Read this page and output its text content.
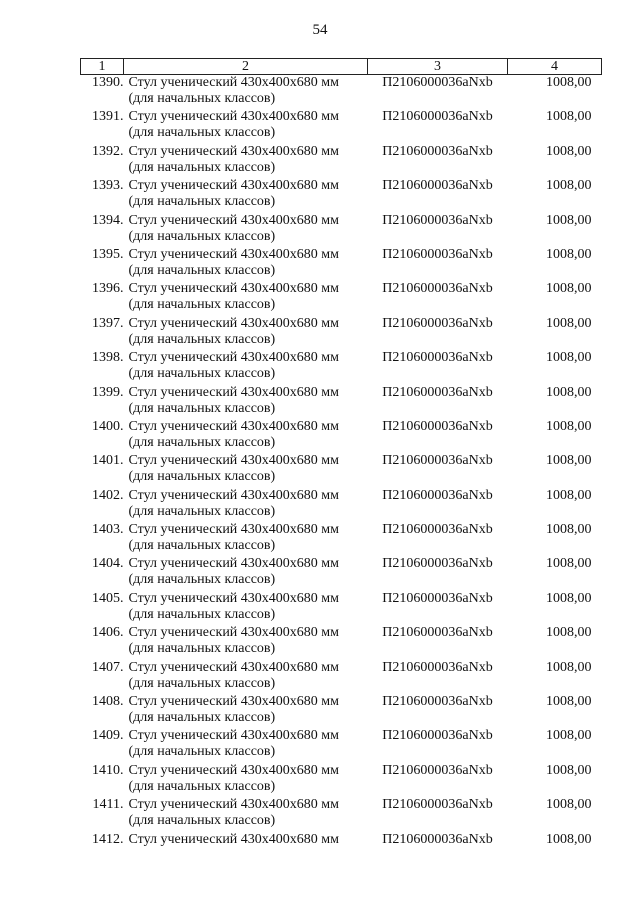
54
1	2	3	4
1390.	Стул ученический 430х400х680 мм
(для начальных классов)	П2106000036aNxb	1008,00
1391.	Стул ученический 430х400х680 мм
(для начальных классов)	П2106000036aNxb	1008,00
1392.	Стул ученический 430х400х680 мм
(для начальных классов)	П2106000036aNxb	1008,00
1393.	Стул ученический 430х400х680 мм
(для начальных классов)	П2106000036aNxb	1008,00
1394.	Стул ученический 430х400х680 мм
(для начальных классов)	П2106000036aNxb	1008,00
1395.	Стул ученический 430х400х680 мм
(для начальных классов)	П2106000036aNxb	1008,00
1396.	Стул ученический 430х400х680 мм
(для начальных классов)	П2106000036aNxb	1008,00
1397.	Стул ученический 430х400х680 мм
(для начальных классов)	П2106000036aNxb	1008,00
1398.	Стул ученический 430х400х680 мм
(для начальных классов)	П2106000036aNxb	1008,00
1399.	Стул ученический 430х400х680 мм
(для начальных классов)	П2106000036aNxb	1008,00
1400.	Стул ученический 430х400х680 мм
(для начальных классов)	П2106000036aNxb	1008,00
1401.	Стул ученический 430х400х680 мм
(для начальных классов)	П2106000036aNxb	1008,00
1402.	Стул ученический 430х400х680 мм
(для начальных классов)	П2106000036aNxb	1008,00
1403.	Стул ученический 430х400х680 мм
(для начальных классов)	П2106000036aNxb	1008,00
1404.	Стул ученический 430х400х680 мм
(для начальных классов)	П2106000036aNxb	1008,00
1405.	Стул ученический 430х400х680 мм
(для начальных классов)	П2106000036aNxb	1008,00
1406.	Стул ученический 430х400х680 мм
(для начальных классов)	П2106000036aNxb	1008,00
1407.	Стул ученический 430х400х680 мм
(для начальных классов)	П2106000036aNxb	1008,00
1408.	Стул ученический 430х400х680 мм
(для начальных классов)	П2106000036aNxb	1008,00
1409.	Стул ученический 430х400х680 мм
(для начальных классов)	П2106000036aNxb	1008,00
1410.	Стул ученический 430х400х680 мм
(для начальных классов)	П2106000036aNxb	1008,00
1411.	Стул ученический 430х400х680 мм
(для начальных классов)	П2106000036aNxb	1008,00
1412.	Стул ученический 430х400х680 мм	П2106000036aNxb	1008,00
